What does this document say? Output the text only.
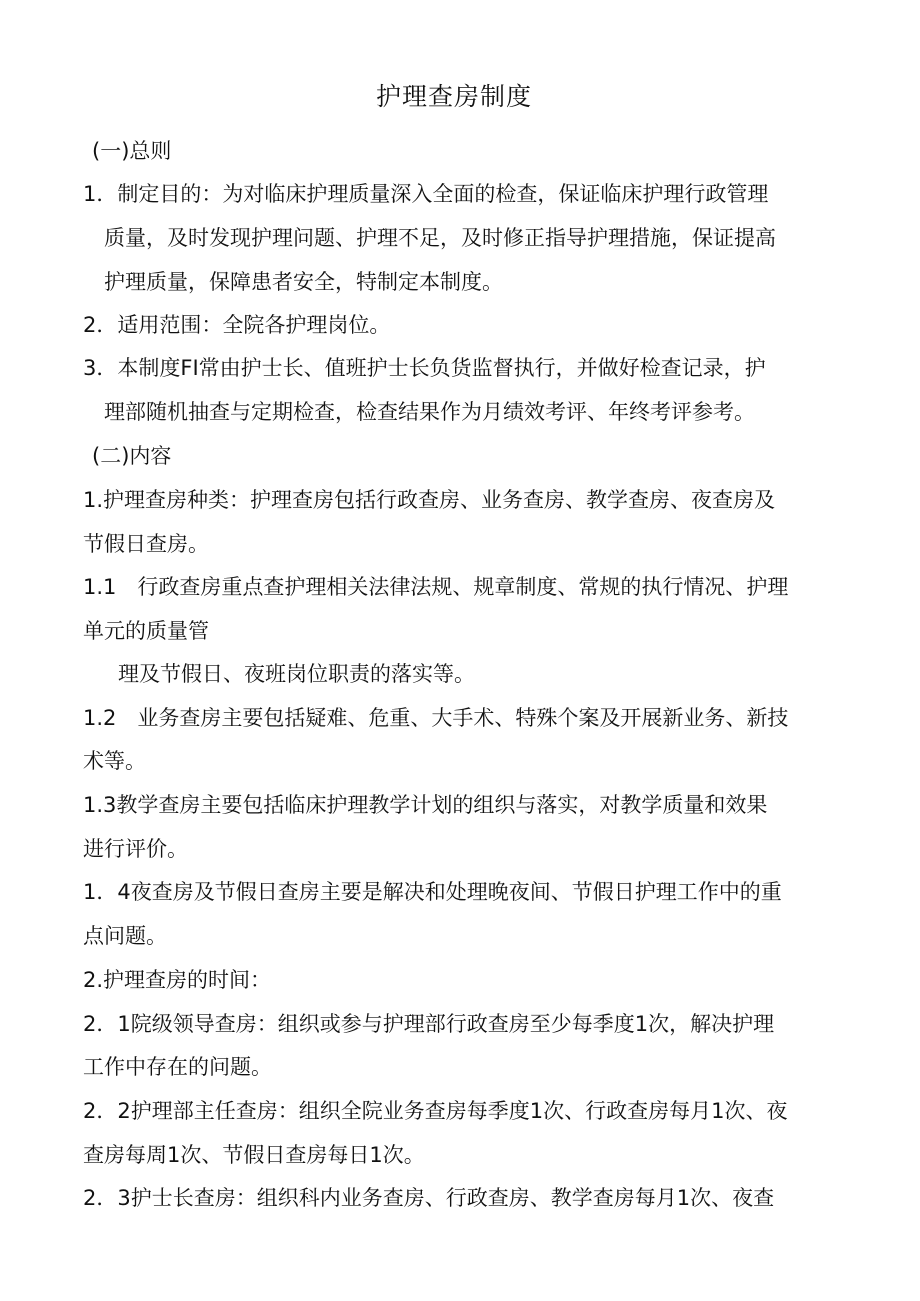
护理查房制度
(一)总则
1．制定目的：为对临床护理质量深入全面的检查，保证临床护理行政管理
质量，及时发现护理问题、护理不足，及时修正指导护理措施，保证提高
护理质量，保障患者安全，特制定本制度。
2．适用范围：全院各护理岗位。
3．本制度FI常由护士长、值班护士长负货监督执行，并做好检查记录，护
理部随机抽查与定期检查，检查结果作为月绩效考评、年终考评参考。
(二)内容
1.护理查房种类：护理查房包括行政查房、业务查房、教学查房、夜查房及
节假日查房。
1.1　行政查房重点查护理相关法律法规、规章制度、常规的执行情况、护理
单元的质量管
理及节假日、夜班岗位职责的落实等。
1.2　业务查房主要包括疑难、危重、大手术、特殊个案及开展新业务、新技
术等。
1.3教学查房主要包括临床护理教学计划的组织与落实，对教学质量和效果
进行评价。
1．4夜查房及节假日查房主要是解决和处理晚夜间、节假日护理工作中的重
点问题。
2.护理查房的时间：
2．1院级领导查房：组织或参与护理部行政查房至少每季度1次，解决护理
工作中存在的问题。
2．2护理部主任查房：组织全院业务查房每季度1次、行政查房每月1次、夜
查房每周1次、节假日查房每日1次。
2．3护士长查房：组织科内业务查房、行政查房、教学查房每月1次、夜查
